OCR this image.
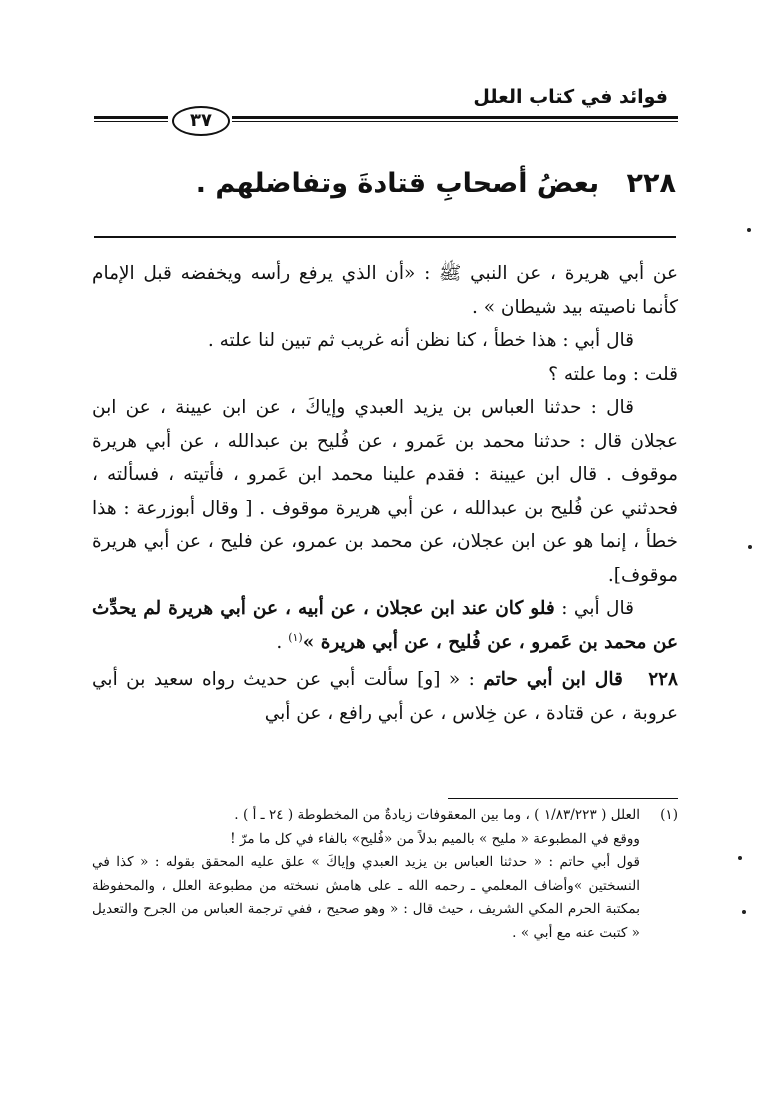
فوائد في كتاب العلل
٣٧
٢٢٨ بعضُ أصحابِ قتادةَ وتفاضلهم .

عن أبي هريرة ، عن النبي ﷺ : «أن الذي يرفع رأسه ويخفضه قبل الإمام كأنما ناصيته بيد شيطان » .

قال أبي : هذا خطأ ، كنا نظن أنه غريب ثم تبين لنا علته .

قلت : وما علته ؟

قال : حدثنا العباس بن يزيد العبدي وإياكَ ، عن ابن عيينة ، عن ابن عجلان قال : حدثنا محمد بن عَمرو ، عن فُليح بن عبدالله ، عن أبي هريرة موقوف . قال ابن عيينة : فقدم علينا محمد ابن عَمرو ، فأتيته ، فسألته ، فحدثني عن فُليح بن عبدالله ، عن أبي هريرة موقوف . [ وقال أبوزرعة : هذا خطأ ، إنما هو عن ابن عجلان، عن محمد بن عمرو، عن فليح ، عن أبي هريرة موقوف].

قال أبي : فلو كان عند ابن عجلان ، عن أبيه ، عن أبي هريرة لم يحدِّث عن محمد بن عَمرو ، عن فُليح ، عن أبي هريرة »$^{(١)}$ .

٢٢٨   قال ابن أبي حاتم : « [و] سألت أبي عن حديث رواه سعيد بن أبي عروبة ، عن قتادة ، عن خِلاس ، عن أبي رافع ، عن أبي

(١)العلل ( ١/٨٣/٢٢٣ ) ، وما بين المعقوفات زيادةٌ من المخطوطة ( ٢٤ ـ أ ) .

ووقع في المطبوعة « مليح » بالميم بدلاً من «فُليح» بالفاء في كل ما مرّ !

قول أبي حاتم : « حدثنا العباس بن يزيد العبدي وإياكَ » علق عليه المحقق بقوله : « كذا في النسختين »وأضاف المعلمي ـ رحمه الله ـ على هامش نسخته من مطبوعة العلل ، والمحفوظة بمكتبة الحرم المكي الشريف ، حيث قال : « وهو صحيح ، ففي ترجمة العباس من الجرح والتعديل « كتبت عنه مع أبي » .
